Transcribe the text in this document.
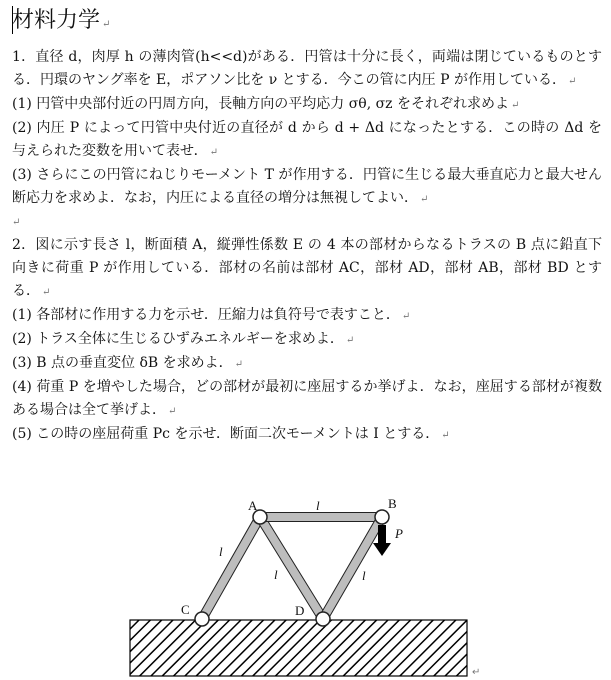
材料力学 ↵

1．直径 d，肉厚 h の薄肉管(h<<d)がある．円管は十分に長く，両端は閉じているものとする．円環のヤング率を E，ポアソン比を ν とする．今この管に内圧 P が作用している． ↵

(1) 円管中央部付近の円周方向，長軸方向の平均応力 σθ, σz をそれぞれ求めよ ↵

(2) 内圧 P によって円管中央付近の直径が d から d + Δd になったとする．この時の Δd を与えられた変数を用いて表せ． ↵

(3) さらにこの円管にねじりモーメント T が作用する．円管に生じる最大垂直応力と最大せん断応力を求めよ．なお，内圧による直径の増分は無視してよい． ↵

↵

2．図に示す長さ l，断面積 A，縦弾性係数 E の 4 本の部材からなるトラスの B 点に鉛直下向きに荷重 P が作用している．部材の名前は部材 AC，部材 AD，部材 AB，部材 BD とする． ↵

(1) 各部材に作用する力を示せ．圧縮力は負符号で表すこと． ↵

(2) トラス全体に生じるひずみエネルギーを求めよ． ↵

(3) B 点の垂直変位 δB を求めよ． ↵

(4) 荷重 P を増やした場合，どの部材が最初に座屈するか挙げよ．なお，座屈する部材が複数ある場合は全て挙げよ． ↵

(5) この時の座屈荷重 Pc を示せ．断面二次モーメントは I とする． ↵

A	B
C	D
P
l
l
l	l
↵
